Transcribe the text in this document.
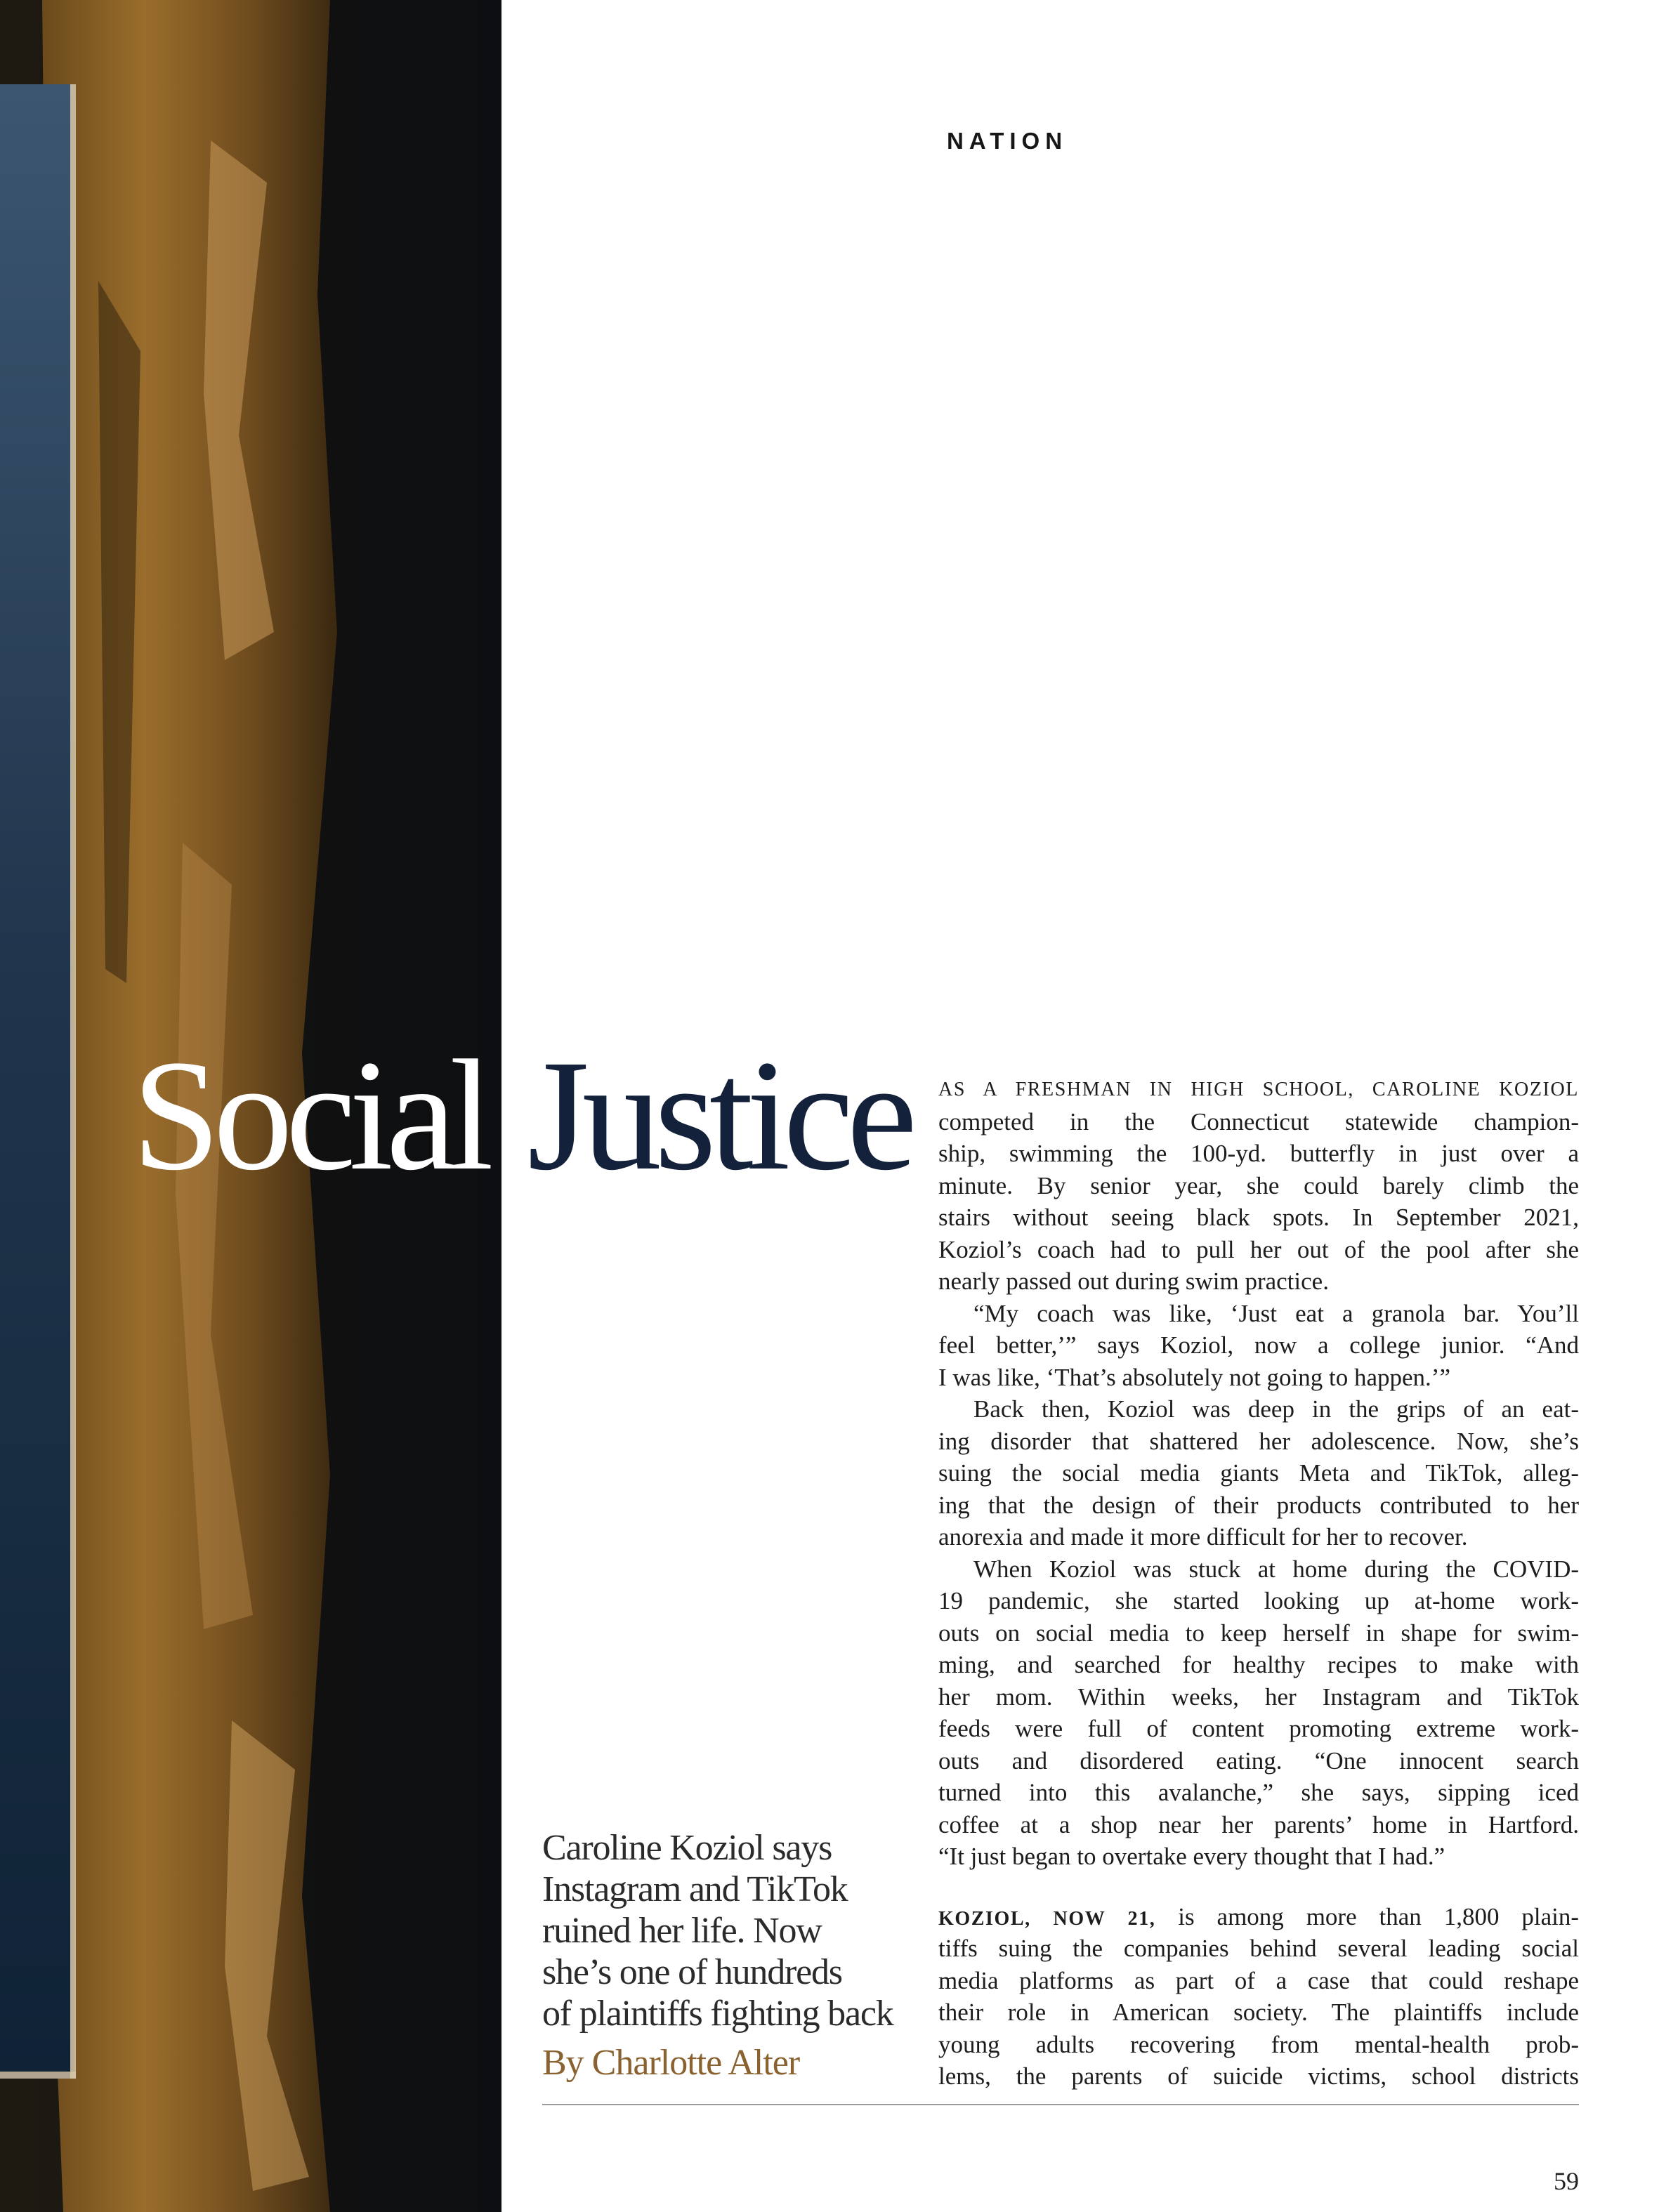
NATION
Social Justice
Caroline Koziol says
Instagram and TikTok
ruined her life. Now
she’s one of hundreds
of plaintiffs fighting back
By Charlotte Alter
AS A FRESHMAN IN HIGH SCHOOL, CAROLINE KOZIOL
competed in the Connecticut statewide champion-
ship, swimming the 100-yd. butterfly in just over a
minute. By senior year, she could barely climb the
stairs without seeing black spots. In September 2021,
Koziol’s coach had to pull her out of the pool after she
nearly passed out during swim practice.
“My coach was like, ‘Just eat a granola bar. You’ll
feel better,’” says Koziol, now a college junior. “And
I was like, ‘That’s absolutely not going to happen.’”
Back then, Koziol was deep in the grips of an eat-
ing disorder that shattered her adolescence. Now, she’s
suing the social media giants Meta and TikTok, alleg-
ing that the design of their products contributed to her
anorexia and made it more difficult for her to recover.
When Koziol was stuck at home during the COVID-
19 pandemic, she started looking up at-home work-
outs on social media to keep herself in shape for swim-
ming, and searched for healthy recipes to make with
her mom. Within weeks, her Instagram and TikTok
feeds were full of content promoting extreme work-
outs and disordered eating. “One innocent search
turned into this avalanche,” she says, sipping iced
coffee at a shop near her parents’ home in Hartford.
“It just began to overtake every thought that I had.”
KOZIOL, NOW 21, is among more than 1,800 plain-
tiffs suing the companies behind several leading social
media platforms as part of a case that could reshape
their role in American society. The plaintiffs include
young adults recovering from mental-health prob-
lems, the parents of suicide victims, school districts
59
